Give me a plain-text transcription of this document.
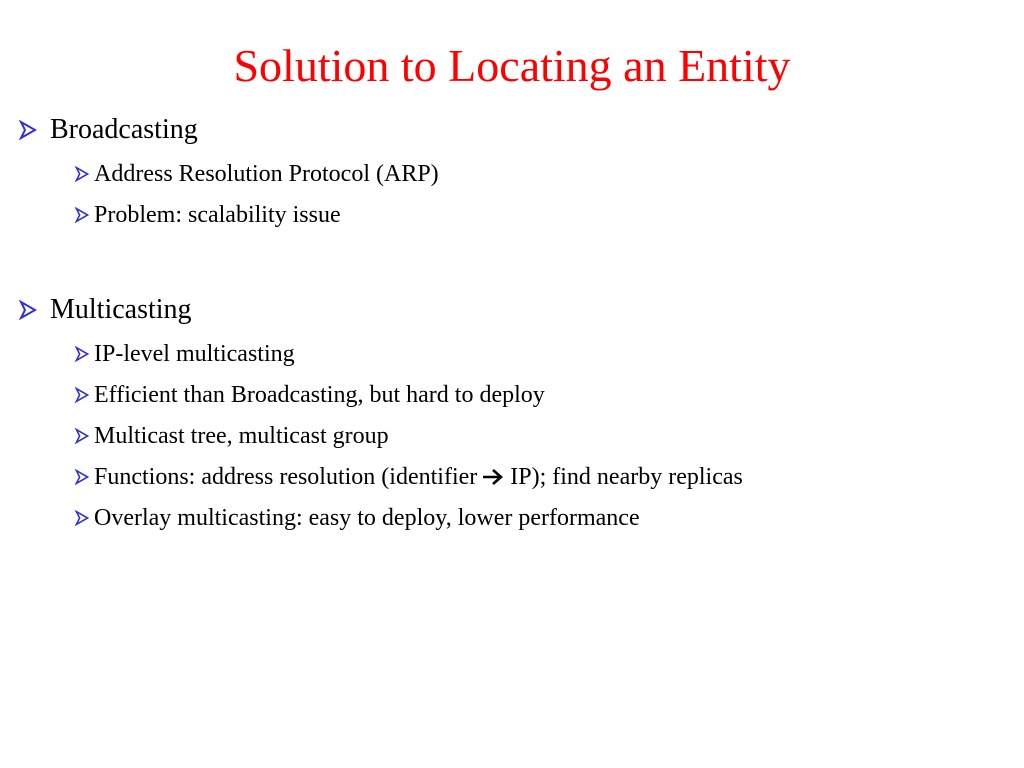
Solution to Locating an Entity
Broadcasting
Address Resolution Protocol (ARP)
Problem: scalability issue
Multicasting
IP-level multicasting
Efficient than Broadcasting, but hard to deploy
Multicast tree, multicast group
Functions: address resolution (identifier IP); find nearby replicas
Overlay multicasting: easy to deploy, lower performance
